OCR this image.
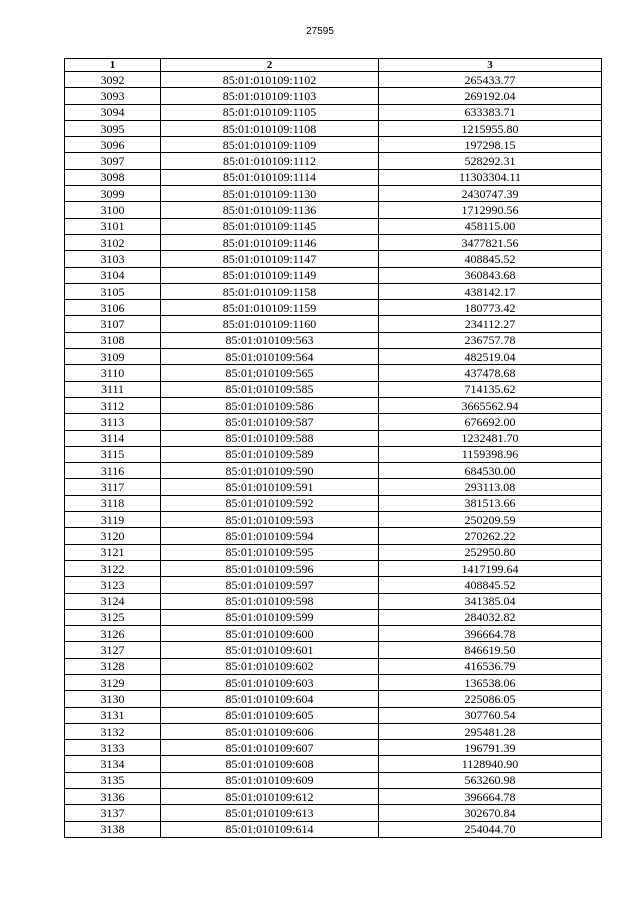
27595
1	2	3
3092	85:01:010109:1102	265433.77
3093	85:01:010109:1103	269192.04
3094	85:01:010109:1105	633383.71
3095	85:01:010109:1108	1215955.80
3096	85:01:010109:1109	197298.15
3097	85:01:010109:1112	528292.31
3098	85:01:010109:1114	11303304.11
3099	85:01:010109:1130	2430747.39
3100	85:01:010109:1136	1712990.56
3101	85:01:010109:1145	458115.00
3102	85:01:010109:1146	3477821.56
3103	85:01:010109:1147	408845.52
3104	85:01:010109:1149	360843.68
3105	85:01:010109:1158	438142.17
3106	85:01:010109:1159	180773.42
3107	85:01:010109:1160	234112.27
3108	85:01:010109:563	236757.78
3109	85:01:010109:564	482519.04
3110	85:01:010109:565	437478.68
3111	85:01:010109:585	714135.62
3112	85:01:010109:586	3665562.94
3113	85:01:010109:587	676692.00
3114	85:01:010109:588	1232481.70
3115	85:01:010109:589	1159398.96
3116	85:01:010109:590	684530.00
3117	85:01:010109:591	293113.08
3118	85:01:010109:592	381513.66
3119	85:01:010109:593	250209.59
3120	85:01:010109:594	270262.22
3121	85:01:010109:595	252950.80
3122	85:01:010109:596	1417199.64
3123	85:01:010109:597	408845.52
3124	85:01:010109:598	341385.04
3125	85:01:010109:599	284032.82
3126	85:01:010109:600	396664.78
3127	85:01:010109:601	846619.50
3128	85:01:010109:602	416536.79
3129	85:01:010109:603	136538.06
3130	85:01:010109:604	225086.05
3131	85:01:010109:605	307760.54
3132	85:01:010109:606	295481.28
3133	85:01:010109:607	196791.39
3134	85:01:010109:608	1128940.90
3135	85:01:010109:609	563260.98
3136	85:01:010109:612	396664.78
3137	85:01:010109:613	302670.84
3138	85:01:010109:614	254044.70
